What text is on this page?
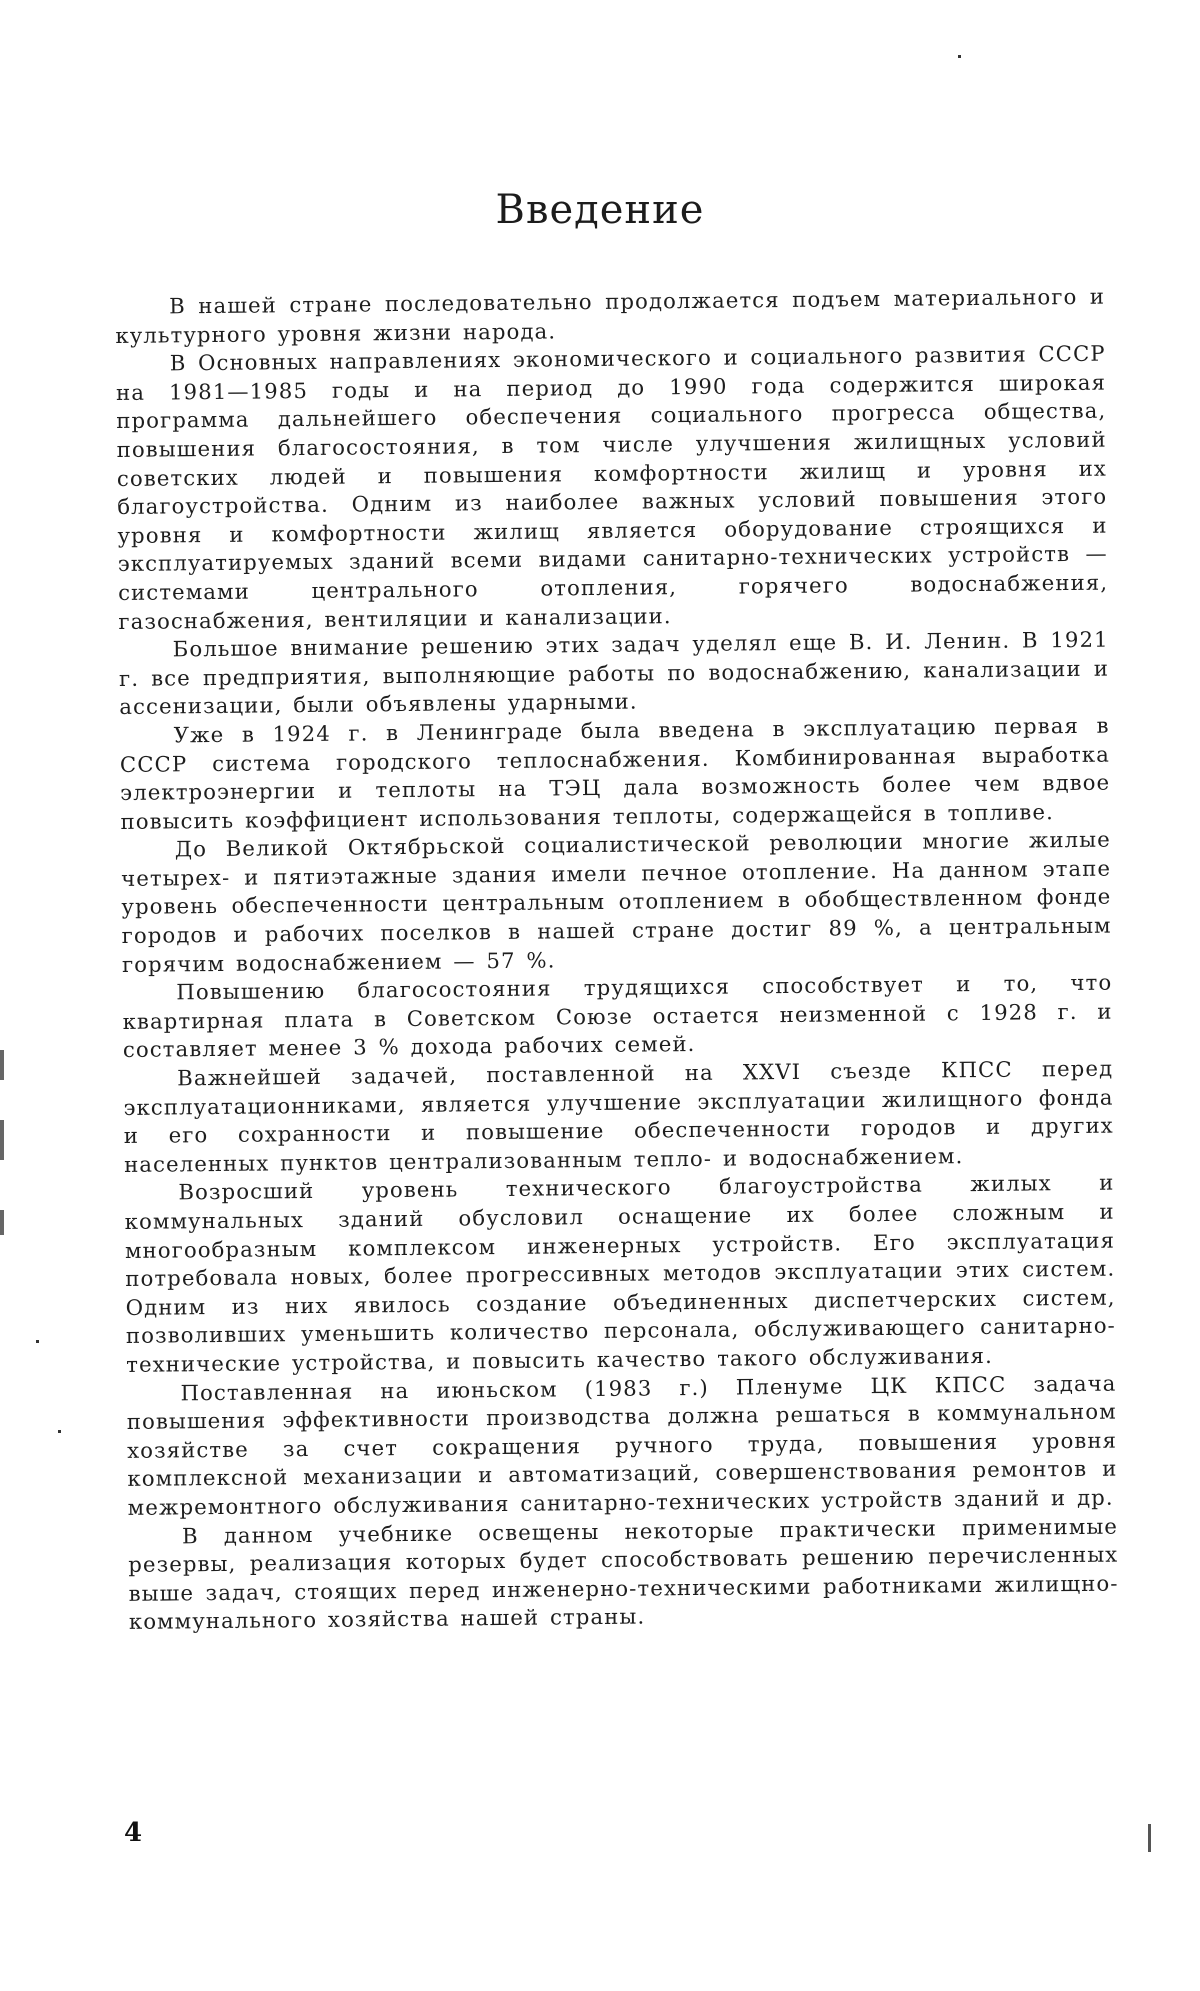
Введение

В нашей стране последовательно продолжается подъем материального и культурного уровня жизни народа.

В Основных направлениях экономического и социального развития СССР на 1981—1985 годы и на период до 1990 года содержится широкая программа дальнейшего обеспечения социального прогресса общества, повышения благосостояния, в том числе улучшения жилищных условий советских людей и повышения комфортности жилищ и уровня их благоустройства. Одним из наиболее важных условий повышения этого уровня и комфортности жилищ является оборудование строящихся и эксплуатируемых зданий всеми видами санитарно-технических устройств — системами центрального отопления, горячего водоснабжения, газоснабжения, вентиляции и канализации.

Большое внимание решению этих задач уделял еще В. И. Ленин. В 1921 г. все предприятия, выполняющие работы по водоснабжению, канализации и ассенизации, были объявлены ударными.

Уже в 1924 г. в Ленинграде была введена в эксплуатацию первая в СССР система городского теплоснабжения. Комбинированная выработка электроэнергии и теплоты на ТЭЦ дала возможность более чем вдвое повысить коэффициент использования теплоты, содержащейся в топливе.

До Великой Октябрьской социалистической революции многие жилые четырех- и пятиэтажные здания имели печное отопление. На данном этапе уровень обеспеченности центральным отоплением в обобществленном фонде городов и рабочих поселков в нашей стране достиг 89 %, а центральным горячим водоснабжением — 57 %.

Повышению благосостояния трудящихся способствует и то, что квартирная плата в Советском Союзе остается неизменной с 1928 г. и составляет менее 3 % дохода рабочих семей.

Важнейшей задачей, поставленной на XXVI съезде КПСС перед эксплуатационниками, является улучшение эксплуатации жилищного фонда и его сохранности и повышение обеспеченности городов и других населенных пунктов централизованным тепло- и водоснабжением.

Возросший уровень технического благоустройства жилых и коммунальных зданий обусловил оснащение их более сложным и многообразным комплексом инженерных устройств. Его эксплуатация потребовала новых, более прогрессивных методов эксплуатации этих систем. Одним из них явилось создание объединенных диспетчерских систем, позволивших уменьшить количество персонала, обслуживающего санитарно-технические устройства, и повысить качество такого обслуживания.

Поставленная на июньском (1983 г.) Пленуме ЦК КПСС задача повышения эффективности производства должна решаться в коммунальном хозяйстве за счет сокращения ручного труда, повышения уровня комплексной механизации и автоматизаций, совершенствования ремонтов и межремонтного обслуживания санитарно-технических устройств зданий и др.

В данном учебнике освещены некоторые практически применимые резервы, реализация которых будет способствовать решению перечисленных выше задач, стоящих перед инженерно-техническими работниками жилищно-коммунального хозяйства нашей страны.

4
